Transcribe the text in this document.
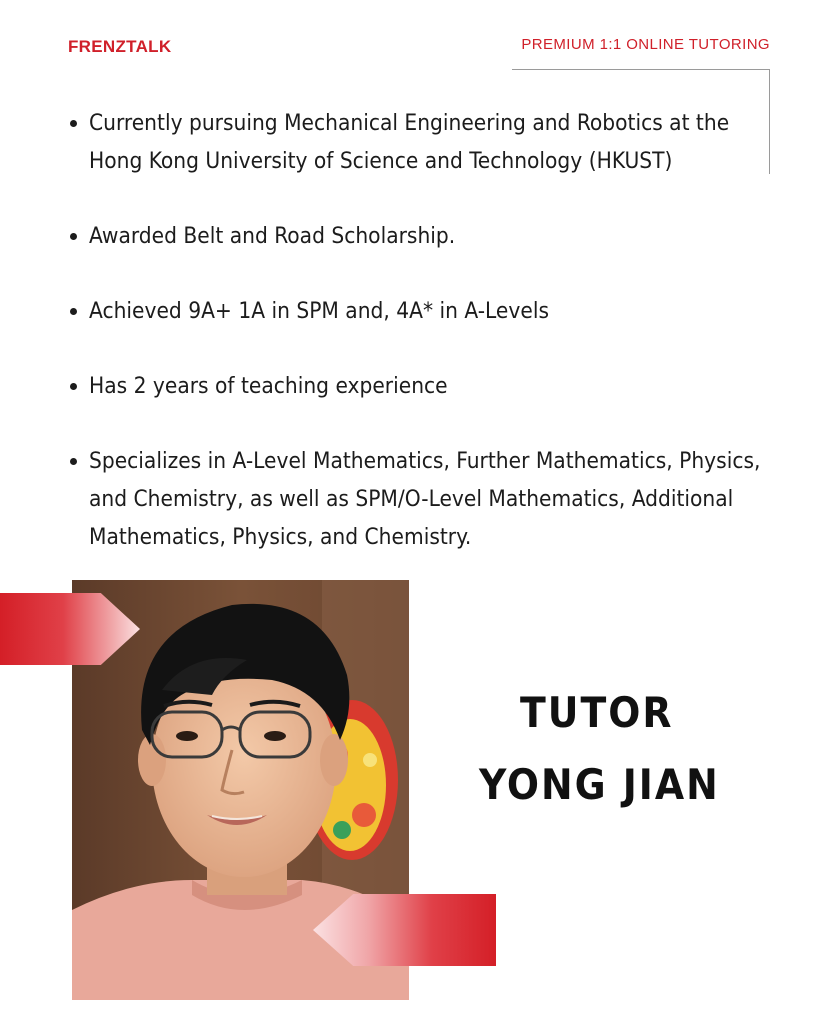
FRENZTALK	PREMIUM 1:1 ONLINE TUTORING
Currently pursuing Mechanical Engineering and Robotics at the Hong Kong University of Science and Technology (HKUST)
Awarded Belt and Road Scholarship.
Achieved 9A+ 1A in SPM and, 4A* in A-Levels
Has 2 years of teaching experience
Specializes in A-Level Mathematics, Further Mathematics, Physics, and Chemistry, as well as SPM/O-Level Mathematics, Additional Mathematics, Physics, and Chemistry.
TUTOR
YONG JIAN
